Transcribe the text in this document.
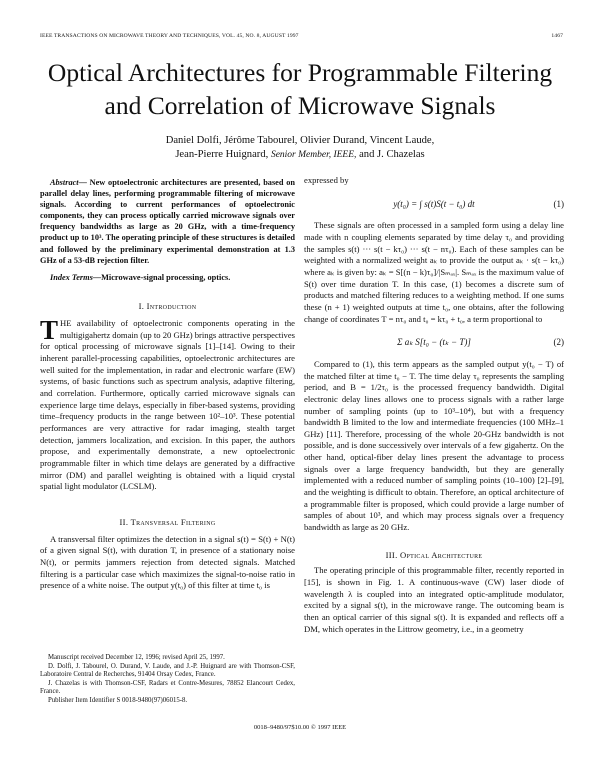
IEEE TRANSACTIONS ON MICROWAVE THEORY AND TECHNIQUES, VOL. 45, NO. 8, AUGUST 1997	1467
Optical Architectures for Programmable Filtering
and Correlation of Microwave Signals
Daniel Dolfi, Jérôme Tabourel, Olivier Durand, Vincent Laude,
Jean-Pierre Huignard, Senior Member, IEEE, and J. Chazelas

Abstract— New optoelectronic architectures are presented, based on parallel delay lines, performing programmable filtering of microwave signals. According to current performances of optoelectronic components, they can process optically carried microwave signals over frequency bandwidths as large as 20 GHz, with a time-frequency product up to 10³. The operating principle of these structures is detailed and followed by the preliminary experimental demonstration at 1.3 GHz of a 53-dB rejection filter.

Index Terms—Microwave-signal processing, optics.

I. Introduction

THE availability of optoelectronic components operating in the multigigahertz domain (up to 20 GHz) brings attractive perspectives for optical processing of microwave signals [1]–[14]. Owing to their inherent parallel-processing capabilities, optoelectronic architectures are well suited for the implementation, in radar and electronic warfare (EW) systems, of basic functions such as spectrum analysis, adaptive filtering, and correlation. Furthermore, optically carried microwave signals can experience large time delays, especially in fiber-based systems, providing time–frequency products in the range between 10²–10³. These potential performances are very attractive for radar imaging, stealth target detection, jammers localization, and excision. In this paper, the authors propose, and experimentally demonstrate, a new optoelectronic programmable filter in which time delays are generated by a diffractive mirror (DM) and parallel weighting is obtained with a liquid crystal spatial light modulator (LCSLM).

II. Transversal Filtering

A transversal filter optimizes the detection in a signal s(t) = S(t) + N(t) of a given signal S(t), with duration T, in presence of a stationary noise N(t), or permits jammers rejection from detected signals. Matched filtering is a particular case which maximizes the signal-to-noise ratio in presence of a white noise. The output y(t₀) of this filter at time t₀ is

Manuscript received December 12, 1996; revised April 25, 1997.

D. Dolfi, J. Tabourel, O. Durand, V. Laude, and J.-P. Huignard are with Thomson-CSF, Laboratoire Central de Recherches, 91404 Orsay Cedex, France.

J. Chazelas is with Thomson-CSF, Radars et Contre-Mesures, 78852 Elancourt Cedex, France.

Publisher Item Identifier S 0018-9480(97)06015-8.

expressed by

y(t₀) = ∫ s(t)S(t − t₀) dt	(1)

These signals are often processed in a sampled form using a delay line made with n coupling elements separated by time delay τ₀ and providing the samples s(t) ··· s(t − kτ₀) ··· s(t − nτ₀). Each of these samples can be weighted with a normalized weight aₖ to provide the output aₖ · s(t − kτ₀) where aₖ is given by: aₖ = S[(n − k)τ₀]/|Sₘₐₓ|. Sₘₐₓ is the maximum value of S(t) over time duration T. In this case, (1) becomes a discrete sum of products and matched filtering reduces to a weighting method. If one sums these (n + 1) weighted outputs at time t₀, one obtains, after the following change of coordinates T = nτ₀ and t₀ = kτ₀ + t₀, a term proportional to

Σ aₖ S[t₀ − (tₖ − T)]	(2)

Compared to (1), this term appears as the sampled output y(t₀ − T) of the matched filter at time t₀ − T. The time delay τ₀ represents the sampling period, and B = 1/2τ₀ is the processed frequency bandwidth. Digital electronic delay lines allows one to process signals with a rather large number of sampling points (up to 10³–10⁴), but with a frequency bandwidth B limited to the low and intermediate frequencies (100 MHz–1 GHz) [11]. Therefore, processing of the whole 20-GHz bandwidth is not possible, and is done successively over intervals of a few gigahertz. On the other hand, optical-fiber delay lines present the advantage to process signals over a large frequency bandwidth, but they are generally implemented with a reduced number of sampling points (10–100) [2]–[9], and the weighting is difficult to obtain. Therefore, an optical architecture of a programmable filter is proposed, which could provide a large number of samples of about 10³, and which may process signals over a frequency bandwidth as large as 20 GHz.

III. Optical Architecture

The operating principle of this programmable filter, recently reported in [15], is shown in Fig. 1. A continuous-wave (CW) laser diode of wavelength λ is coupled into an integrated optic-amplitude modulator, excited by a signal s(t), in the microwave range. The outcoming beam is then an optical carrier of this signal s(t). It is expanded and reflects off a DM, which operates in the Littrow geometry, i.e., in a geometry

0018–9480/97$10.00 © 1997 IEEE
